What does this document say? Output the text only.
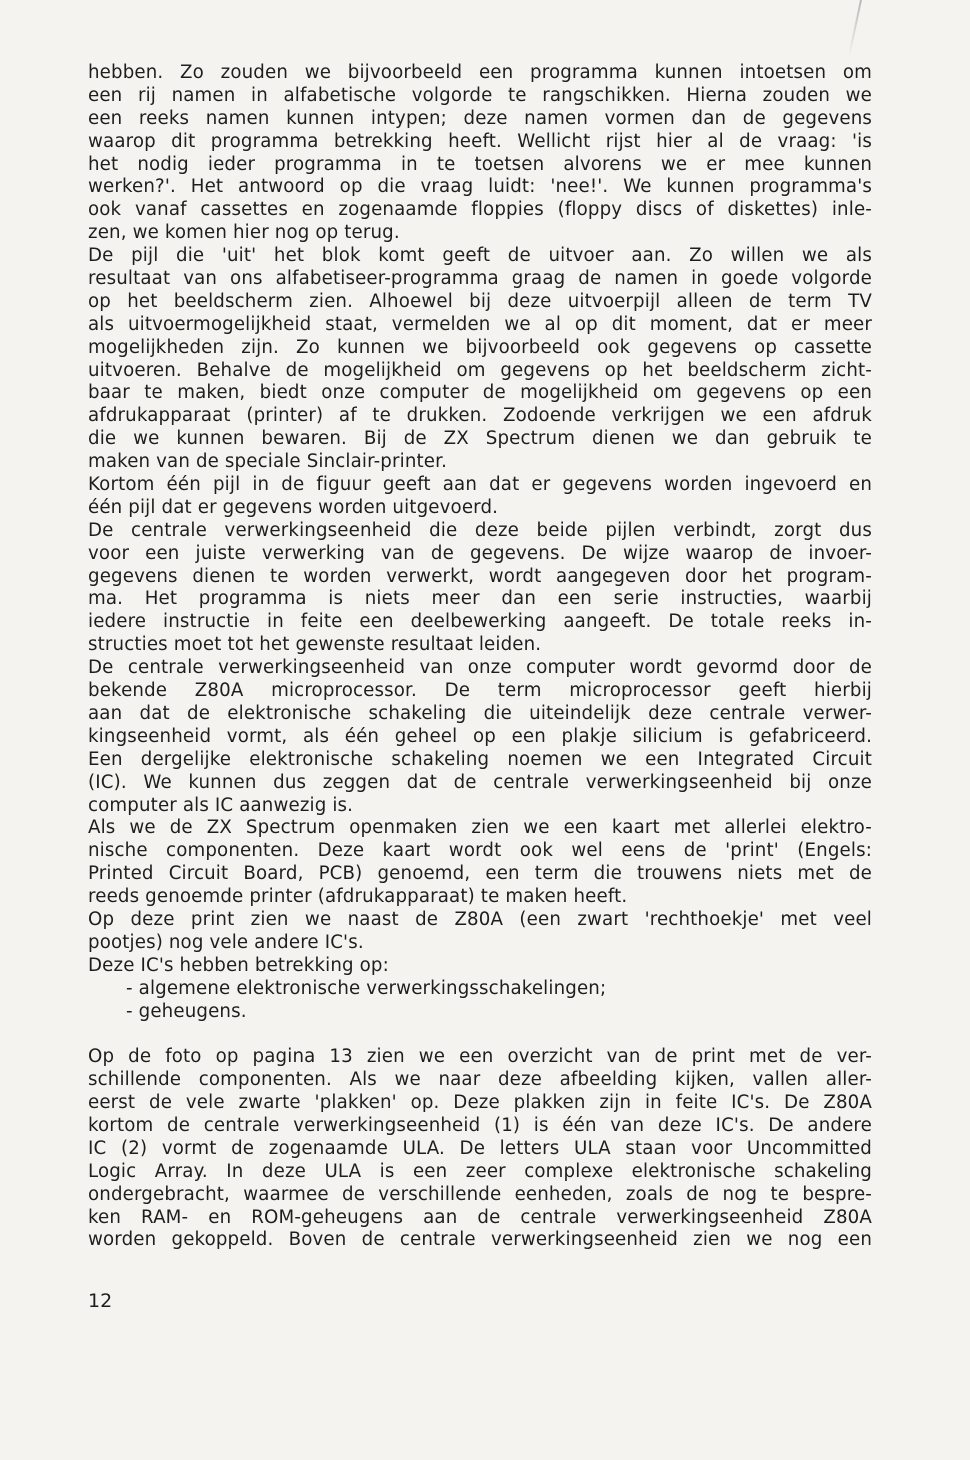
hebben. Zo zouden we bijvoorbeeld een programma kunnen intoetsen om
een rij namen in alfabetische volgorde te rangschikken. Hierna zouden we
een reeks namen kunnen intypen; deze namen vormen dan de gegevens
waarop dit programma betrekking heeft. Wellicht rijst hier al de vraag: 'is
het nodig ieder programma in te toetsen alvorens we er mee kunnen
werken?'. Het antwoord op die vraag luidt: 'nee!'. We kunnen programma's
ook vanaf cassettes en zogenaamde floppies (floppy discs of diskettes) inle-
zen, we komen hier nog op terug.
De pijl die 'uit' het blok komt geeft de uitvoer aan. Zo willen we als
resultaat van ons alfabetiseer-programma graag de namen in goede volgorde
op het beeldscherm zien. Alhoewel bij deze uitvoerpijl alleen de term TV
als uitvoermogelijkheid staat, vermelden we al op dit moment, dat er meer
mogelijkheden zijn. Zo kunnen we bijvoorbeeld ook gegevens op cassette
uitvoeren. Behalve de mogelijkheid om gegevens op het beeldscherm zicht-
baar te maken, biedt onze computer de mogelijkheid om gegevens op een
afdrukapparaat (printer) af te drukken. Zodoende verkrijgen we een afdruk
die we kunnen bewaren. Bij de ZX Spectrum dienen we dan gebruik te
maken van de speciale Sinclair-printer.
Kortom één pijl in de figuur geeft aan dat er gegevens worden ingevoerd en
één pijl dat er gegevens worden uitgevoerd.
De centrale verwerkingseenheid die deze beide pijlen verbindt, zorgt dus
voor een juiste verwerking van de gegevens. De wijze waarop de invoer-
gegevens dienen te worden verwerkt, wordt aangegeven door het program-
ma. Het programma is niets meer dan een serie instructies, waarbij
iedere instructie in feite een deelbewerking aangeeft. De totale reeks in-
structies moet tot het gewenste resultaat leiden.
De centrale verwerkingseenheid van onze computer wordt gevormd door de
bekende Z80A microprocessor. De term microprocessor geeft hierbij
aan dat de elektronische schakeling die uiteindelijk deze centrale verwer-
kingseenheid vormt, als één geheel op een plakje silicium is gefabriceerd.
Een dergelijke elektronische schakeling noemen we een Integrated Circuit
(IC). We kunnen dus zeggen dat de centrale verwerkingseenheid bij onze
computer als IC aanwezig is.
Als we de ZX Spectrum openmaken zien we een kaart met allerlei elektro-
nische componenten. Deze kaart wordt ook wel eens de 'print' (Engels:
Printed Circuit Board, PCB) genoemd, een term die trouwens niets met de
reeds genoemde printer (afdrukapparaat) te maken heeft.
Op deze print zien we naast de Z80A (een zwart 'rechthoekje' met veel
pootjes) nog vele andere IC's.
Deze IC's hebben betrekking op:
- algemene elektronische verwerkingsschakelingen;
- geheugens.
Op de foto op pagina 13 zien we een overzicht van de print met de ver-
schillende componenten. Als we naar deze afbeelding kijken, vallen aller-
eerst de vele zwarte 'plakken' op. Deze plakken zijn in feite IC's. De Z80A
kortom de centrale verwerkingseenheid (1) is één van deze IC's. De andere
IC (2) vormt de zogenaamde ULA. De letters ULA staan voor Uncommitted
Logic Array. In deze ULA is een zeer complexe elektronische schakeling
ondergebracht, waarmee de verschillende eenheden, zoals de nog te bespre-
ken RAM- en ROM-geheugens aan de centrale verwerkingseenheid Z80A
worden gekoppeld. Boven de centrale verwerkingseenheid zien we nog een
12
